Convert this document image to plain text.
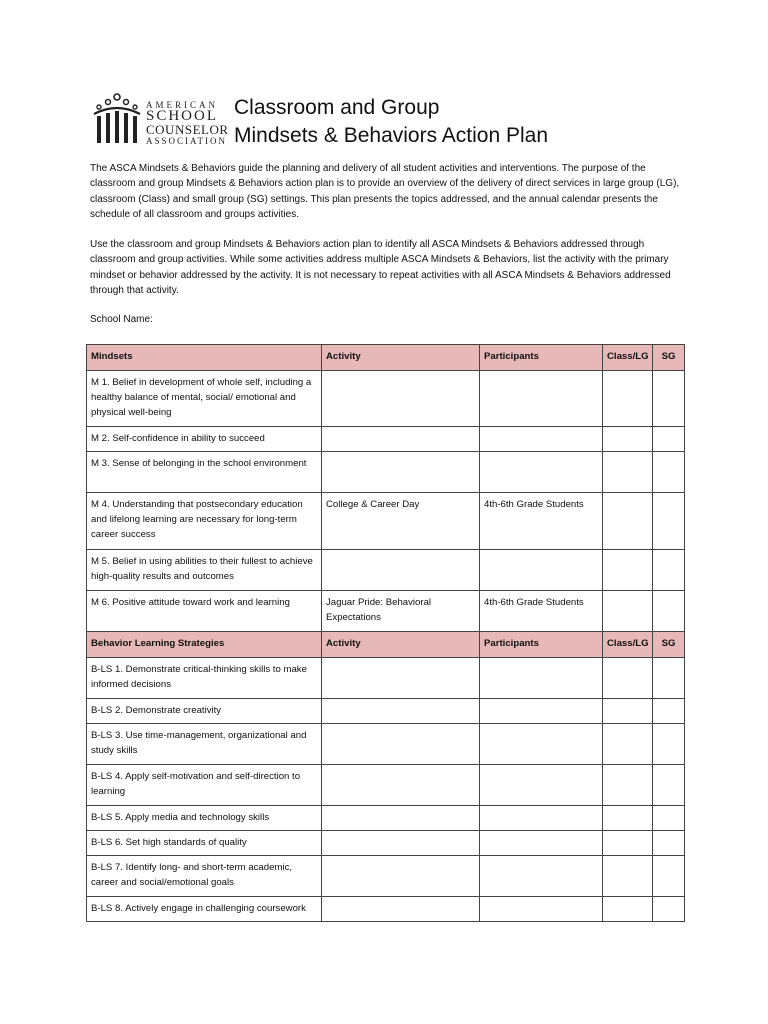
AMERICAN
SCHOOL
COUNSELOR
ASSOCIATION
Classroom and Group
Mindsets & Behaviors Action Plan
The ASCA Mindsets & Behaviors guide the planning and delivery of all student activities and interventions. The purpose of the classroom and group Mindsets & Behaviors action plan is to provide an overview of the delivery of direct services in large group (LG), classroom (Class) and small group (SG) settings. This plan presents the topics addressed, and the annual calendar presents the schedule of all classroom and groups activities.
Use the classroom and group Mindsets & Behaviors action plan to identify all ASCA Mindsets & Behaviors addressed through classroom and group activities. While some activities address multiple ASCA Mindsets & Behaviors, list the activity with the primary mindset or behavior addressed by the activity. It is not necessary to repeat activities with all ASCA Mindsets & Behaviors addressed through that activity.
School Name:
Mindsets	Activity	Participants	Class/LG	SG
M 1. Belief in development of whole self, including a healthy balance of mental, social/ emotional and physical well-being				
M 2. Self-confidence in ability to succeed				
M 3. Sense of belonging in the school environment				
M 4. Understanding that postsecondary education and lifelong learning are necessary for long-term career success	College & Career Day	4th-6th Grade Students		
M 5. Belief in using abilities to their fullest to achieve high-quality results and outcomes				
M 6. Positive attitude toward work and learning	Jaguar Pride: Behavioral Expectations	4th-6th Grade Students		
Behavior Learning Strategies	Activity	Participants	Class/LG	SG
B-LS 1. Demonstrate critical-thinking skills to make informed decisions				
B-LS 2. Demonstrate creativity				
B-LS 3. Use time-management, organizational and study skills				
B-LS 4. Apply self-motivation and self-direction to learning				
B-LS 5. Apply media and technology skills				
B-LS 6. Set high standards of quality				
B-LS 7. Identify long- and short-term academic, career and social/emotional goals				
B-LS 8. Actively engage in challenging coursework				
